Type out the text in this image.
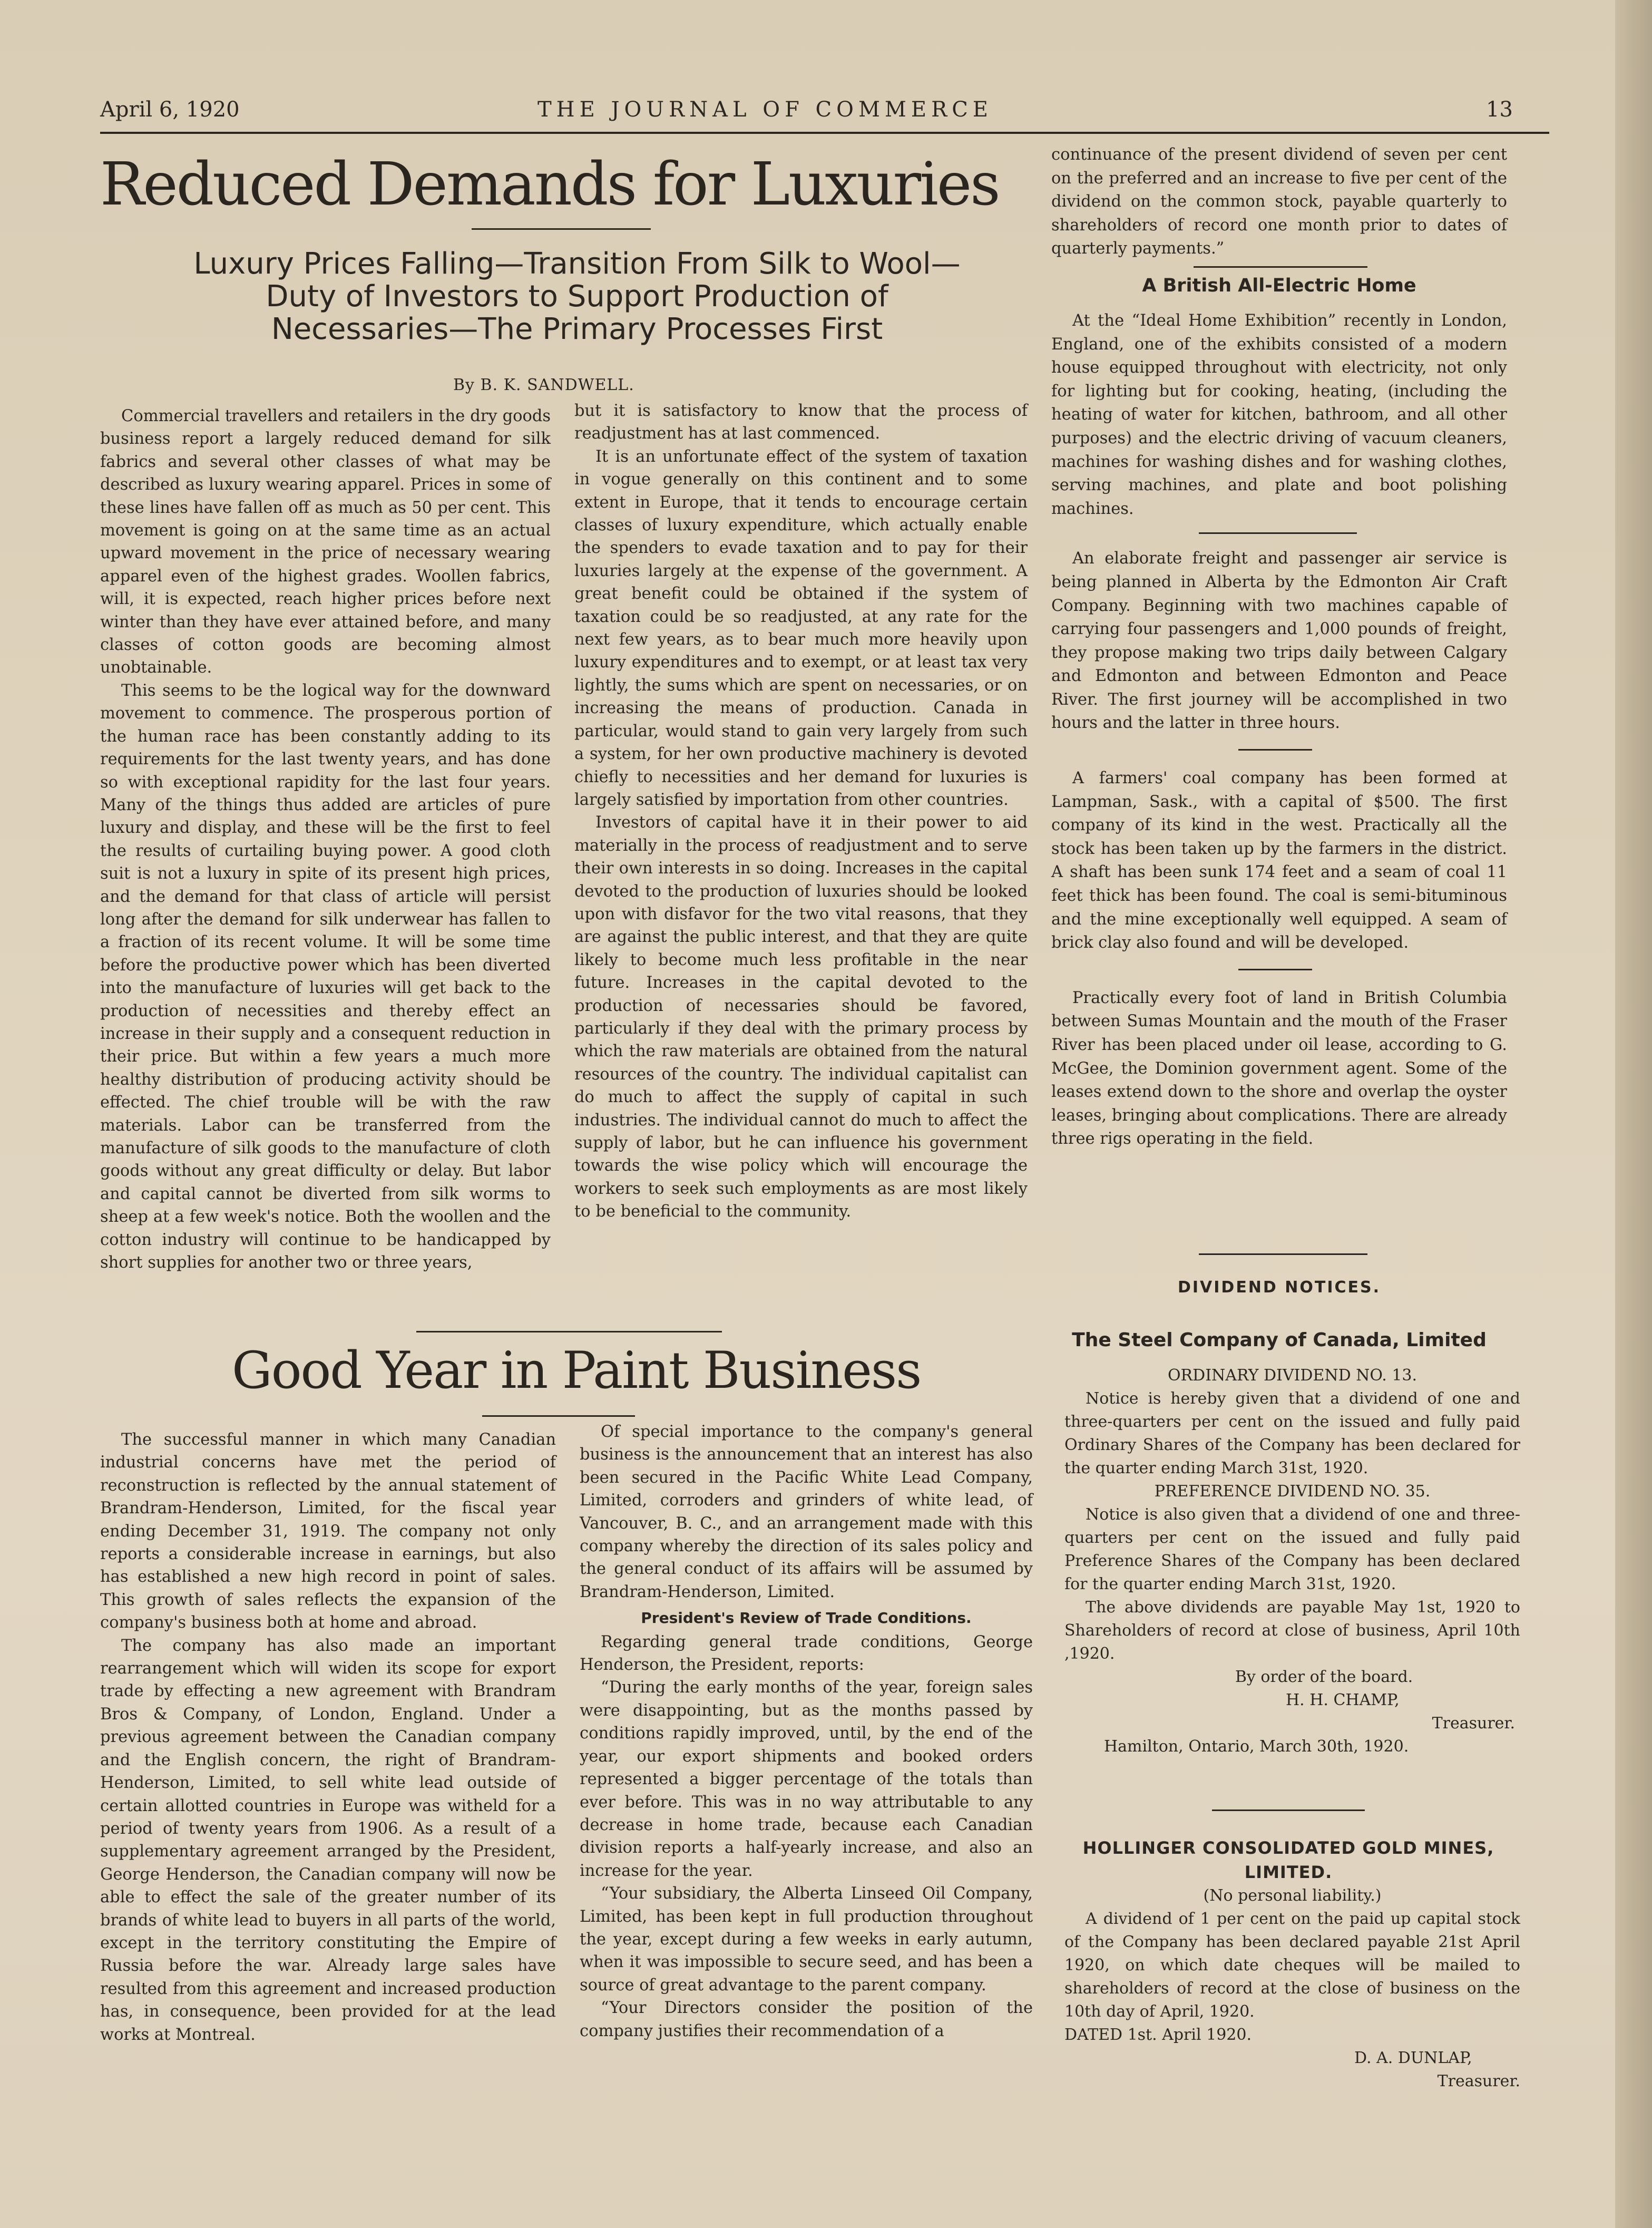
April 6, 1920	THE JOURNAL OF COMMERCE	13
Reduced Demands for Luxuries
Luxury Prices Falling—Transition From Silk to Wool—
Duty of Investors to Support Production of
Necessaries—The Primary Processes First
By B. K. SANDWELL.

Commercial travellers and retailers in the dry goods business report a largely reduced demand for silk fabrics and several other classes of what may be described as luxury wearing apparel. Prices in some of these lines have fallen off as much as 50 per cent. This movement is going on at the same time as an actual upward movement in the price of necessary wearing apparel even of the highest grades. Woollen fabrics, will, it is expected, reach higher prices before next winter than they have ever attained before, and many classes of cotton goods are becoming almost unobtainable.

This seems to be the logical way for the downward movement to commence. The prosperous portion of the human race has been constantly adding to its requirements for the last twenty years, and has done so with exceptional rapidity for the last four years. Many of the things thus added are articles of pure luxury and display, and these will be the first to feel the results of curtailing buying power. A good cloth suit is not a luxury in spite of its present high prices, and the demand for that class of article will persist long after the demand for silk underwear has fallen to a fraction of its recent volume. It will be some time before the productive power which has been diverted into the manufacture of luxuries will get back to the production of necessities and thereby effect an increase in their supply and a consequent reduction in their price. But within a few years a much more healthy distribution of producing activity should be effected. The chief trouble will be with the raw materials. Labor can be transferred from the manufacture of silk goods to the manufacture of cloth goods without any great difficulty or delay. But labor and capital cannot be diverted from silk worms to sheep at a few week's notice. Both the woollen and the cotton industry will continue to be handicapped by short supplies for another two or three years,

but it is satisfactory to know that the process of readjustment has at last commenced.

It is an unfortunate effect of the system of taxation in vogue generally on this continent and to some extent in Europe, that it tends to encourage certain classes of luxury expenditure, which actually enable the spenders to evade taxation and to pay for their luxuries largely at the expense of the government. A great benefit could be obtained if the system of taxation could be so readjusted, at any rate for the next few years, as to bear much more heavily upon luxury expenditures and to exempt, or at least tax very lightly, the sums which are spent on necessaries, or on increasing the means of production. Canada in particular, would stand to gain very largely from such a system, for her own productive machinery is devoted chiefly to necessities and her demand for luxuries is largely satisfied by importation from other countries.

Investors of capital have it in their power to aid materially in the process of readjustment and to serve their own interests in so doing. Increases in the capital devoted to the production of luxuries should be looked upon with disfavor for the two vital reasons, that they are against the public interest, and that they are quite likely to become much less profitable in the near future. Increases in the capital devoted to the production of necessaries should be favored, particularly if they deal with the primary process by which the raw materials are obtained from the natural resources of the country. The individual capitalist can do much to affect the supply of capital in such industries. The individual cannot do much to affect the supply of labor, but he can influence his government towards the wise policy which will encourage the workers to seek such employments as are most likely to be beneficial to the community.

Good Year in Paint Business

The successful manner in which many Canadian industrial concerns have met the period of reconstruction is reflected by the annual statement of Brandram-Henderson, Limited, for the fiscal year ending December 31, 1919. The company not only reports a considerable increase in earnings, but also has established a new high record in point of sales. This growth of sales reflects the expansion of the company's business both at home and abroad.

The company has also made an important rearrangement which will widen its scope for export trade by effecting a new agreement with Brandram Bros & Company, of London, England. Under a previous agreement between the Canadian company and the English concern, the right of Brandram-Henderson, Limited, to sell white lead outside of certain allotted countries in Europe was witheld for a period of twenty years from 1906. As a result of a supplementary agreement arranged by the President, George Henderson, the Canadian company will now be able to effect the sale of the greater number of its brands of white lead to buyers in all parts of the world, except in the territory constituting the Empire of Russia before the war. Already large sales have resulted from this agreement and increased production has, in consequence, been provided for at the lead works at Montreal.

Of special importance to the company's general business is the announcement that an interest has also been secured in the Pacific White Lead Company, Limited, corroders and grinders of white lead, of Vancouver, B. C., and an arrangement made with this company whereby the direction of its sales policy and the general conduct of its affairs will be assumed by Brandram-Henderson, Limited.

President's Review of Trade Conditions.

Regarding general trade conditions, George Henderson, the President, reports:

“During the early months of the year, foreign sales were disappointing, but as the months passed by conditions rapidly improved, until, by the end of the year, our export shipments and booked orders represented a bigger percentage of the totals than ever before. This was in no way attributable to any decrease in home trade, because each Canadian division reports a half-yearly increase, and also an increase for the year.

“Your subsidiary, the Alberta Linseed Oil Company, Limited, has been kept in full production throughout the year, except during a few weeks in early autumn, when it was impossible to secure seed, and has been a source of great advantage to the parent company.

“Your Directors consider the position of the company justifies their recommendation of a

continuance of the present dividend of seven per cent on the preferred and an increase to five per cent of the dividend on the common stock, payable quarterly to shareholders of record one month prior to dates of quarterly payments.”

A British All-Electric Home

At the “Ideal Home Exhibition” recently in London, England, one of the exhibits consisted of a modern house equipped throughout with electricity, not only for lighting but for cooking, heating, (including the heating of water for kitchen, bathroom, and all other purposes) and the electric driving of vacuum cleaners, machines for washing dishes and for washing clothes, serving machines, and plate and boot polishing machines.

An elaborate freight and passenger air service is being planned in Alberta by the Edmonton Air Craft Company. Beginning with two machines capable of carrying four passengers and 1,000 pounds of freight, they propose making two trips daily between Calgary and Edmonton and between Edmonton and Peace River. The first journey will be accomplished in two hours and the latter in three hours.

A farmers' coal company has been formed at Lampman, Sask., with a capital of $500. The first company of its kind in the west. Practically all the stock has been taken up by the farmers in the district. A shaft has been sunk 174 feet and a seam of coal 11 feet thick has been found. The coal is semi-bituminous and the mine exceptionally well equipped. A seam of brick clay also found and will be developed.

Practically every foot of land in British Columbia between Sumas Mountain and the mouth of the Fraser River has been placed under oil lease, according to G. McGee, the Dominion government agent. Some of the leases extend down to the shore and overlap the oyster leases, bringing about complications. There are already three rigs operating in the field.

DIVIDEND NOTICES.
The Steel Company of Canada, Limited
ORDINARY DIVIDEND NO. 13.

Notice is hereby given that a dividend of one and three-quarters per cent on the issued and fully paid Ordinary Shares of the Company has been declared for the quarter ending March 31st, 1920.

PREFERENCE DIVIDEND NO. 35.

Notice is also given that a dividend of one and three-quarters per cent on the issued and fully paid Preference Shares of the Company has been declared for the quarter ending March 31st, 1920.

The above dividends are payable May 1st, 1920 to Shareholders of record at close of business, April 10th ,1920.

By order of the board.
H. H. CHAMP,
Treasurer.
Hamilton, Ontario, March 30th, 1920.
HOLLINGER CONSOLIDATED GOLD MINES,
LIMITED.
(No personal liability.)

A dividend of 1 per cent on the paid up capital stock of the Company has been declared payable 21st April 1920, on which date cheques will be mailed to shareholders of record at the close of business on the 10th day of April, 1920.

DATED 1st. April 1920.
D. A. DUNLAP,
Treasurer.
